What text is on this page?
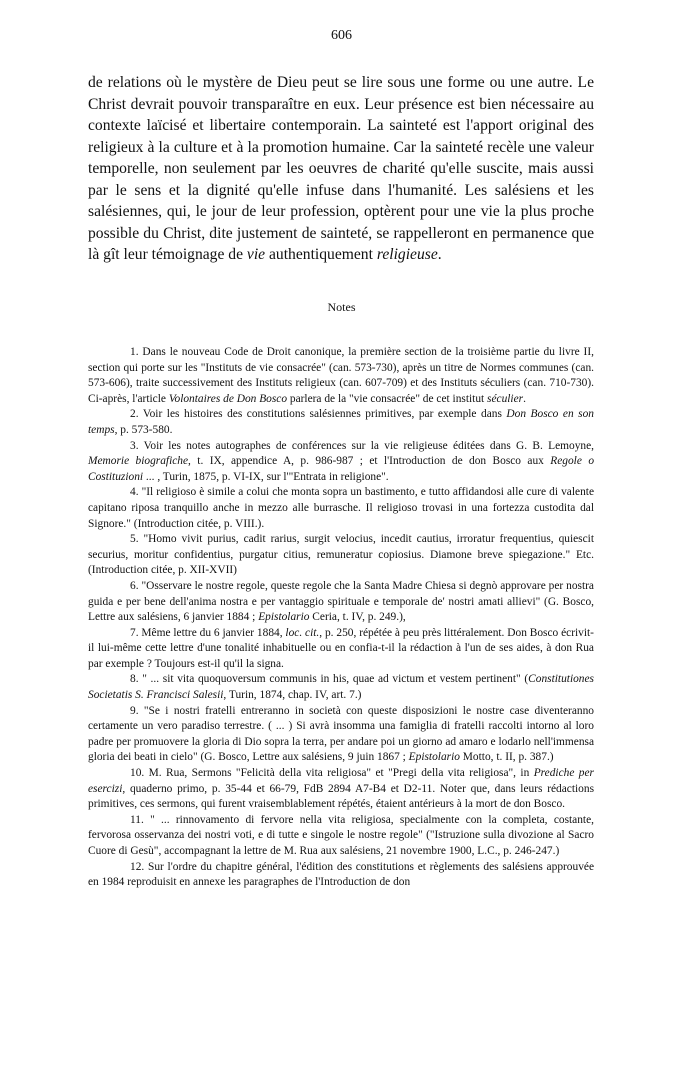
606

de relations où le mystère de Dieu peut se lire sous une forme ou une autre. Le Christ devrait pouvoir transparaître en eux. Leur présence est bien nécessaire au contexte laïcisé et libertaire contemporain. La sainteté est l'apport original des religieux à la culture et à la promotion humaine. Car la sainteté recèle une valeur temporelle, non seulement par les oeuvres de charité qu'elle suscite, mais aussi par le sens et la dignité qu'elle infuse dans l'humanité. Les salésiens et les salésiennes, qui, le jour de leur profession, optèrent pour une vie la plus proche possible du Christ, dite justement de sainteté, se rappelleront en permanence que là gît leur témoignage de vie authentiquement religieuse.

Notes

1. Dans le nouveau Code de Droit canonique, la première section de la troisième partie du livre II, section qui porte sur les "Instituts de vie consacrée" (can. 573-730), après un titre de Normes communes (can. 573-606), traite successivement des Instituts religieux (can. 607-709) et des Instituts séculiers (can. 710-730). Ci-après, l'article Volontaires de Don Bosco parlera de la "vie consacrée" de cet institut séculier.

2. Voir les histoires des constitutions salésiennes primitives, par exemple dans Don Bosco en son temps, p. 573-580.

3. Voir les notes autographes de conférences sur la vie religieuse éditées dans G. B. Lemoyne, Memorie biografiche, t. IX, appendice A, p. 986-987 ; et l'Introduction de don Bosco aux Regole o Costituzioni ... , Turin, 1875, p. VI-IX, sur l'"Entrata in religione".

4. "Il religioso è simile a colui che monta sopra un bastimento, e tutto affidandosi alle cure di valente capitano riposa tranquillo anche in mezzo alle burrasche. Il religioso trovasi in una fortezza custodita dal Signore." (Introduction citée, p. VIII.).

5. "Homo vivit purius, cadit rarius, surgit velocius, incedit cautius, irroratur frequentius, quiescit securius, moritur confidentius, purgatur citius, remuneratur copiosius. Diamone breve spiegazione." Etc. (Introduction citée, p. XII-XVII)

6. "Osservare le nostre regole, queste regole che la Santa Madre Chiesa si degnò approvare per nostra guida e per bene dell'anima nostra e per vantaggio spirituale e temporale de' nostri amati allievi" (G. Bosco, Lettre aux salésiens, 6 janvier 1884 ; Epistolario Ceria, t. IV, p. 249.),

7. Même lettre du 6 janvier 1884, loc. cit., p. 250, répétée à peu près littéralement. Don Bosco écrivit-il lui-même cette lettre d'une tonalité inhabituelle ou en confia-t-il la rédaction à l'un de ses aides, à don Rua par exemple ? Toujours est-il qu'il la signa.

8. " ... sit vita quoquoversum communis in his, quae ad victum et vestem pertinent" (Constitutiones Societatis S. Francisci Salesii, Turin, 1874, chap. IV, art. 7.)

9. "Se i nostri fratelli entreranno in società con queste disposizioni le nostre case diventeranno certamente un vero paradiso terrestre. ( ... ) Si avrà insomma una famiglia di fratelli raccolti intorno al loro padre per promuovere la gloria di Dio sopra la terra, per andare poi un giorno ad amaro e lodarlo nell'immensa gloria dei beati in cielo" (G. Bosco, Lettre aux salésiens, 9 juin 1867 ; Epistolario Motto, t. II, p. 387.)

10. M. Rua, Sermons "Felicità della vita religiosa" et "Pregi della vita religiosa", in Prediche per esercizi, quaderno primo, p. 35-44 et 66-79, FdB 2894 A7-B4 et D2-11. Noter que, dans leurs rédactions primitives, ces sermons, qui furent vraisemblablement répétés, étaient antérieurs à la mort de don Bosco.

11. " ... rinnovamento di fervore nella vita religiosa, specialmente con la completa, costante, fervorosa osservanza dei nostri voti, e di tutte e singole le nostre regole" ("Istruzione sulla divozione al Sacro Cuore di Gesù", accompagnant la lettre de M. Rua aux salésiens, 21 novembre 1900, L.C., p. 246-247.)

12. Sur l'ordre du chapitre général, l'édition des constitutions et règlements des salésiens approuvée en 1984 reproduisit en annexe les paragraphes de l'Introduction de don
